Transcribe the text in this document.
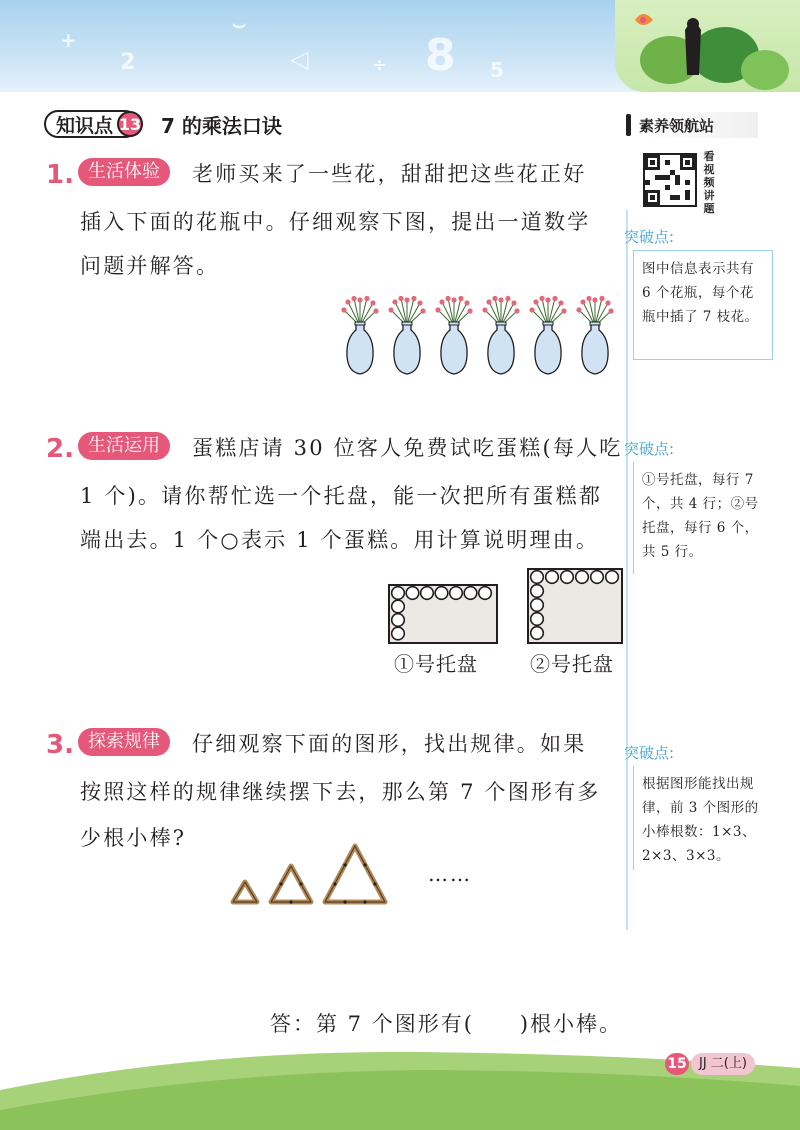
+
2
⌣
◁	÷ 8 5
知识点 13 7 的乘法口诀	素养领航站
看视频讲题
突破点:
图中信息表示共有 6 个花瓶，每个花瓶中插了 7 枝花。
突破点:
①号托盘，每行 7 个，共 4 行；②号托盘，每行 6 个，共 5 行。
突破点:
根据图形能找出规律，前 3 个图形的小棒根数：1×3、2×3、3×3。
1. 生活体验	老师买来了一些花，甜甜把这些花正好
插入下面的花瓶中。仔细观察下图，提出一道数学
问题并解答。
2. 生活运用	蛋糕店请 30 位客人免费试吃蛋糕(每人吃
1 个)。请你帮忙选一个托盘，能一次把所有蛋糕都
端出去。1 个○表示 1 个蛋糕。用计算说明理由。
①号托盘	②号托盘
3. 探索规律	仔细观察下面的图形，找出规律。如果
按照这样的规律继续摆下去，那么第 7 个图形有多
少根小棒?
……
答：第 7 个图形有(　　)根小棒。
15 JJ 二(上)
